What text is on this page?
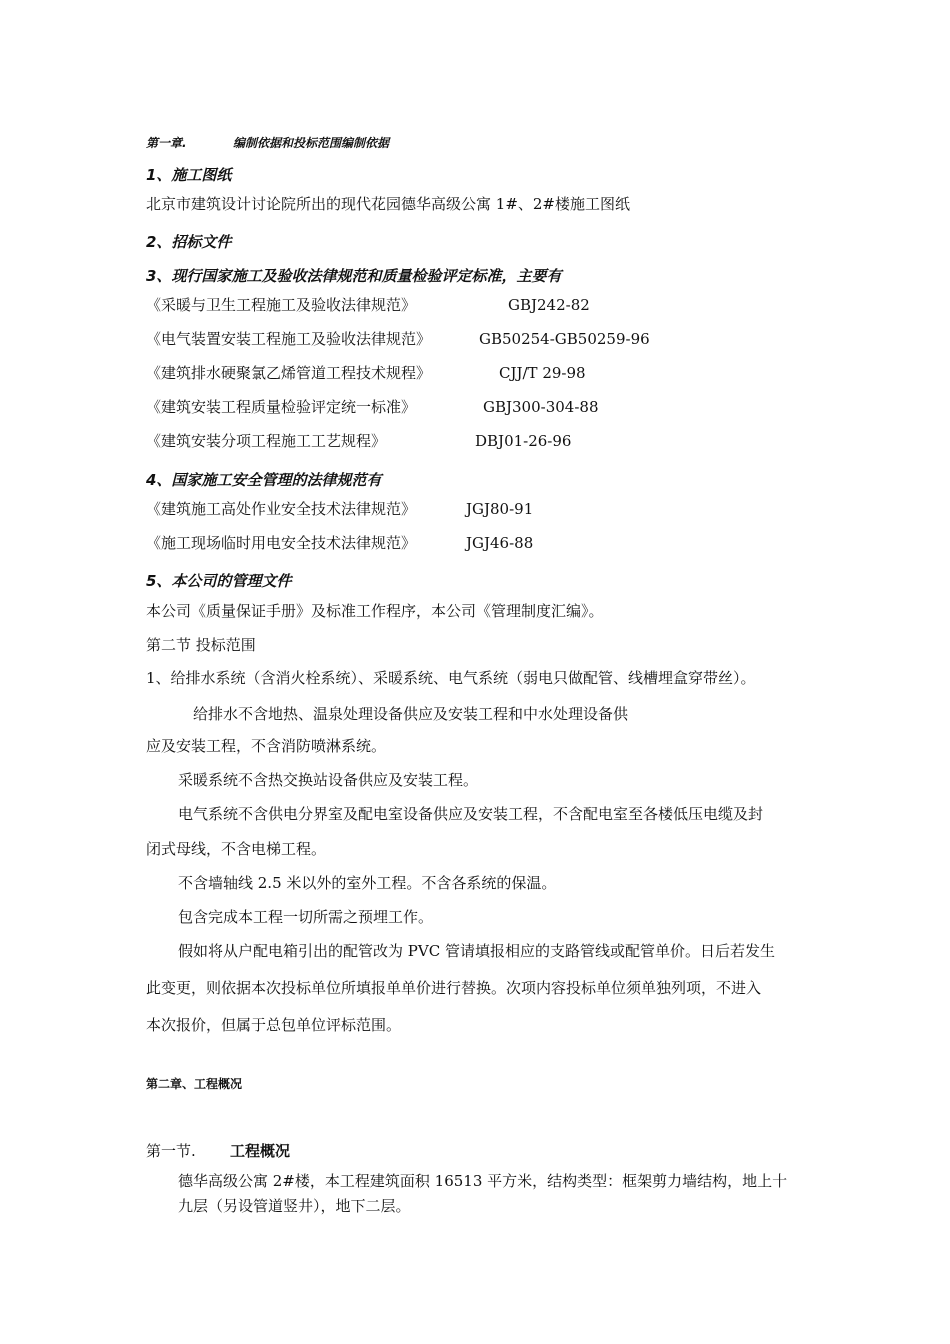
第一章.	编制依据和投标范围编制依据
1、施工图纸
北京市建筑设计讨论院所出的现代花园德华高级公寓 1#、2#楼施工图纸
2、招标文件
3、现行国家施工及验收法律规范和质量检验评定标准，主要有
《采暖与卫生工程施工及验收法律规范》	GBJ242-82
《电气装置安装工程施工及验收法律规范》	GB50254-GB50259-96
《建筑排水硬聚氯乙烯管道工程技术规程》	CJJ/T 29-98
《建筑安装工程质量检验评定统一标准》	GBJ300-304-88
《建筑安装分项工程施工工艺规程》	DBJ01-26-96
4、国家施工安全管理的法律规范有
《建筑施工高处作业安全技术法律规范》	JGJ80-91
《施工现场临时用电安全技术法律规范》	JGJ46-88
5、本公司的管理文件
本公司《质量保证手册》及标准工作程序，本公司《管理制度汇编》。
第二节 投标范围
1、给排水系统（含消火栓系统）、采暖系统、电气系统（弱电只做配管、线槽埋盒穿带丝）。
给排水不含地热、温泉处理设备供应及安装工程和中水处理设备供
应及安装工程，不含消防喷淋系统。
采暖系统不含热交换站设备供应及安装工程。
电气系统不含供电分界室及配电室设备供应及安装工程，不含配电室至各楼低压电缆及封
闭式母线，不含电梯工程。
不含墙轴线 2.5 米以外的室外工程。不含各系统的保温。
包含完成本工程一切所需之预埋工作。
假如将从户配电箱引出的配管改为 PVC 管请填报相应的支路管线或配管单价。日后若发生
此变更，则依据本次投标单位所填报单单价进行替换。次项内容投标单位须单独列项，不进入
本次报价，但属于总包单位评标范围。
第二章、工程概况
第一节. 工程概况
德华高级公寓 2#楼，本工程建筑面积 16513 平方米，结构类型：框架剪力墙结构，地上十
九层（另设管道竖井），地下二层。
